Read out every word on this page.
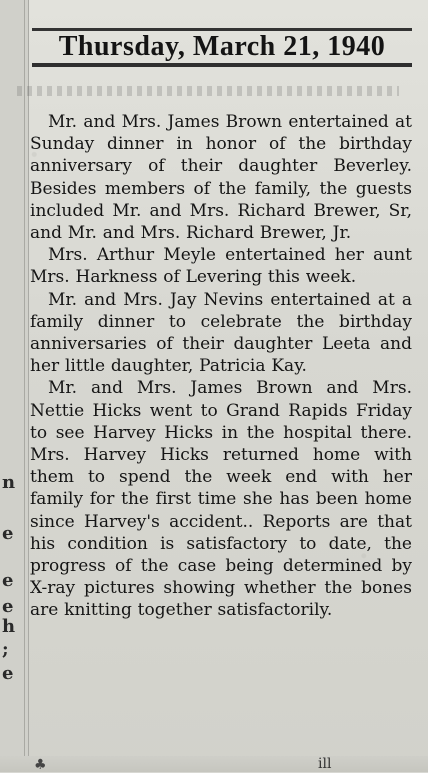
n
e
e
e
h
;
e
Thursday, March 21, 1940

Mr. and Mrs. James Brown entertained at Sunday dinner in honor of the birthday anniversary of their daughter Beverley. Besides members of the family, the guests included Mr. and Mrs. Richard Brewer, Sr, and Mr. and Mrs. Richard Brewer, Jr.

Mrs. Arthur Meyle entertained her aunt Mrs. Harkness of Levering this week.

Mr. and Mrs. Jay Nevins entertained at a family dinner to celebrate the birthday anniversaries of their daughter Leeta and her little daughter, Patricia Kay.

Mr. and Mrs. James Brown and Mrs. Nettie Hicks went to Grand Rapids Friday to see Harvey Hicks in the hospital there. Mrs. Harvey Hicks returned home with them to spend the week end with her family for the first time she has been home since Harvey's accident.. Reports are that his condition is satisfactory to date, the progress of the case being determined by X-ray pictures showing whether the bones are knitting together satisfactorily.

♣	ill
